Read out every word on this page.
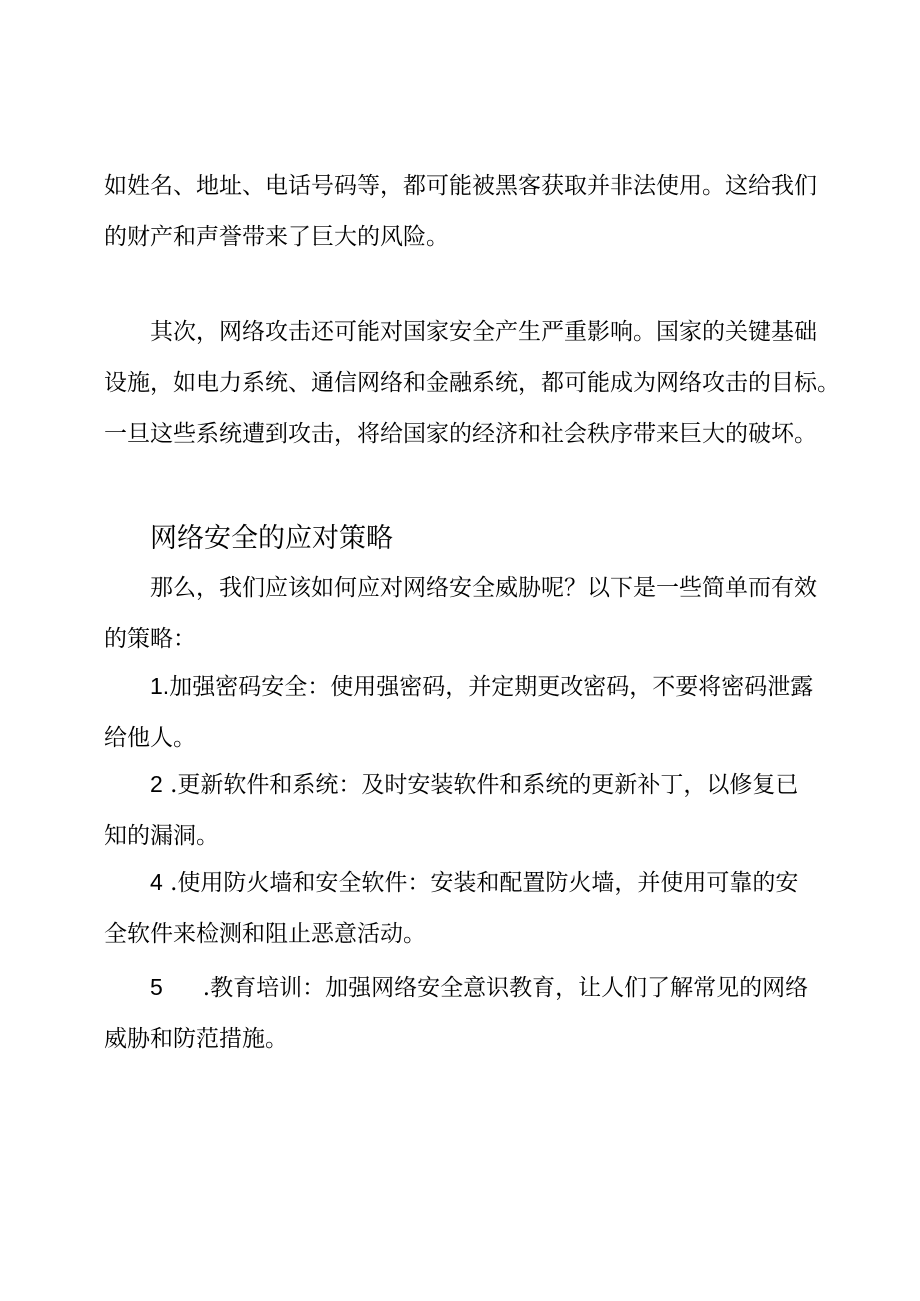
如姓名、地址、电话号码等，都可能被黑客获取并非法使用。这给我们
的财产和声誉带来了巨大的风险。

其次，网络攻击还可能对国家安全产生严重影响。国家的关键基础
设施，如电力系统、通信网络和金融系统，都可能成为网络攻击的目标。
一旦这些系统遭到攻击，将给国家的经济和社会秩序带来巨大的破坏。

网络安全的应对策略

那么，我们应该如何应对网络安全威胁呢？以下是一些简单而有效
的策略：

1.加强密码安全：使用强密码，并定期更改密码，不要将密码泄露
给他人。

2 .更新软件和系统：及时安装软件和系统的更新补丁，以修复已
知的漏洞。

4 .使用防火墙和安全软件：安装和配置防火墙，并使用可靠的安
全软件来检测和阻止恶意活动。

5 .教育培训：加强网络安全意识教育，让人们了解常见的网络
威胁和防范措施。
